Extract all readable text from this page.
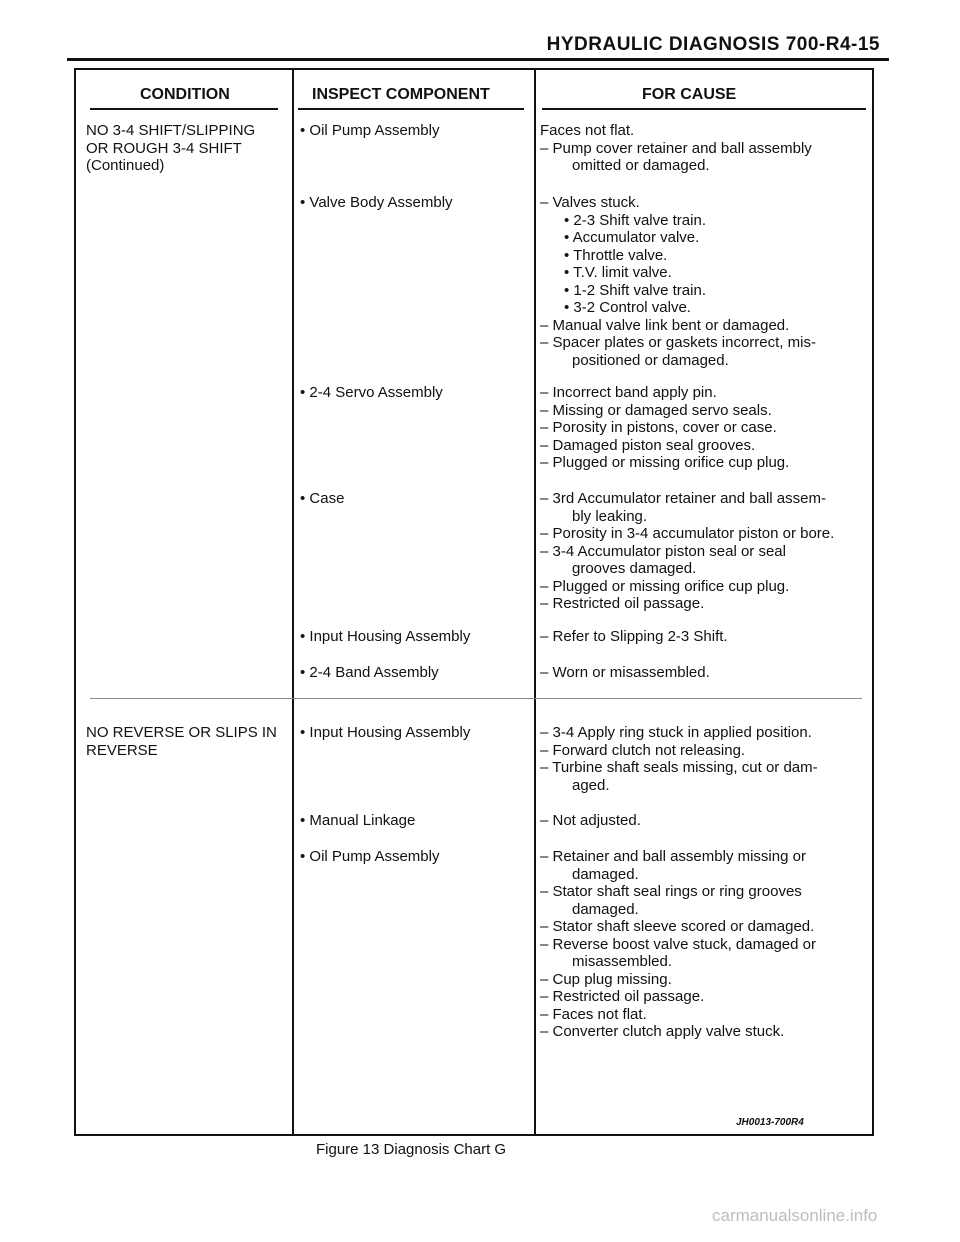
HYDRAULIC DIAGNOSIS 700-R4-15
CONDITION	INSPECT COMPONENT	FOR CAUSE
NO 3-4 SHIFT/SLIPPING
OR ROUGH 3-4 SHIFT
(Continued)
• Oil Pump Assembly	Faces not flat.
– Pump cover retainer and ball assembly
omitted or damaged.
• Valve Body Assembly	– Valves stuck.
• 2-3 Shift valve train.
• Accumulator valve.
• Throttle valve.
• T.V. limit valve.
• 1-2 Shift valve train.
• 3-2 Control valve.
– Manual valve link bent or damaged.
– Spacer plates or gaskets incorrect, mis-
positioned or damaged.
• 2-4 Servo Assembly	– Incorrect band apply pin.
– Missing or damaged servo seals.
– Porosity in pistons, cover or case.
– Damaged piston seal grooves.
– Plugged or missing orifice cup plug.
• Case	– 3rd Accumulator retainer and ball assem-
bly leaking.
– Porosity in 3-4 accumulator piston or bore.
– 3-4 Accumulator piston seal or seal
grooves damaged.
– Plugged or missing orifice cup plug.
– Restricted oil passage.
• Input Housing Assembly	– Refer to Slipping 2-3 Shift.
• 2-4 Band Assembly	– Worn or misassembled.
NO REVERSE OR SLIPS IN
REVERSE
• Input Housing Assembly	– 3-4 Apply ring stuck in applied position.
– Forward clutch not releasing.
– Turbine shaft seals missing, cut or dam-
aged.
• Manual Linkage	– Not adjusted.
• Oil Pump Assembly	– Retainer and ball assembly missing or
damaged.
– Stator shaft seal rings or ring grooves
damaged.
– Stator shaft sleeve scored or damaged.
– Reverse boost valve stuck, damaged or
misassembled.
– Cup plug missing.
– Restricted oil passage.
– Faces not flat.
– Converter clutch apply valve stuck.
JH0013-700R4
Figure 13 Diagnosis Chart G
carmanualsonline.info
